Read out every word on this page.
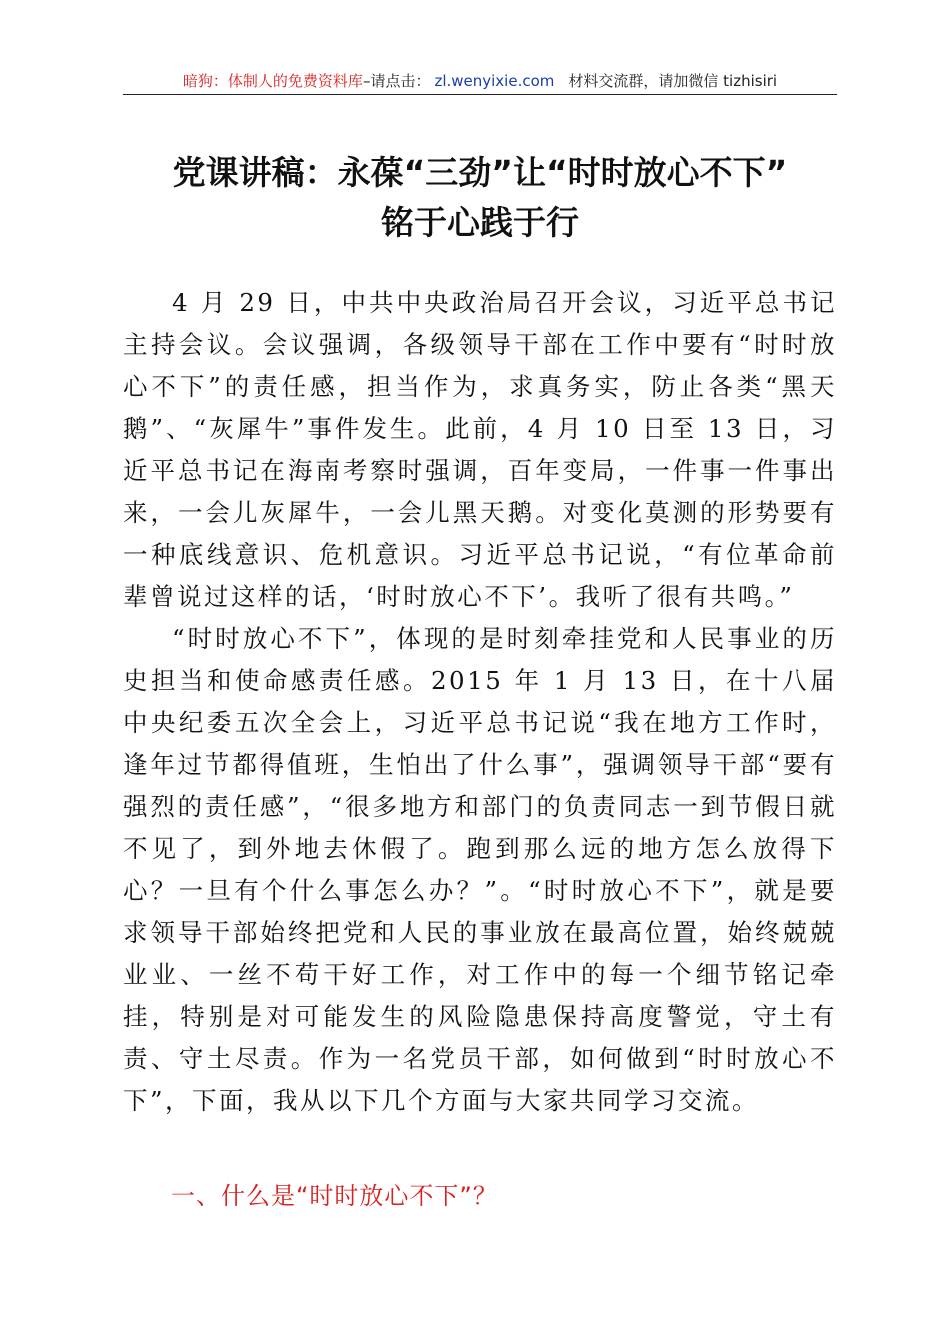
暗狗：体制人的免费资料库–请点击： zl.wenyixie.com 材料交流群，请加微信 tizhisiri
党课讲稿：永葆“三劲”让“时时放心不下”
铭于心践于行

4 月 29 日，中共中央政治局召开会议，习近平总书记主持会议。会议强调，各级领导干部在工作中要有“时时放心不下”的责任感，担当作为，求真务实，防止各类“黑天鹅”、“灰犀牛”事件发生。此前，4 月 10 日至 13 日，习近平总书记在海南考察时强调，百年变局，一件事一件事出来，一会儿灰犀牛，一会儿黑天鹅。对变化莫测的形势要有一种底线意识、危机意识。习近平总书记说，“有位革命前辈曾说过这样的话，‘时时放心不下’。我听了很有共鸣。”

“时时放心不下”，体现的是时刻牵挂党和人民事业的历史担当和使命感责任感。2015 年 1 月 13 日，在十八届中央纪委五次全会上，习近平总书记说“我在地方工作时，逢年过节都得值班，生怕出了什么事”，强调领导干部“要有强烈的责任感”，“很多地方和部门的负责同志一到节假日就不见了，到外地去休假了。跑到那么远的地方怎么放得下心？一旦有个什么事怎么办？”。“时时放心不下”，就是要求领导干部始终把党和人民的事业放在最高位置，始终兢兢业业、一丝不苟干好工作，对工作中的每一个细节铭记牵挂，特别是对可能发生的风险隐患保持高度警觉，守土有责、守土尽责。作为一名党员干部，如何做到“时时放心不下”，下面，我从以下几个方面与大家共同学习交流。

一、什么是“时时放心不下”？
